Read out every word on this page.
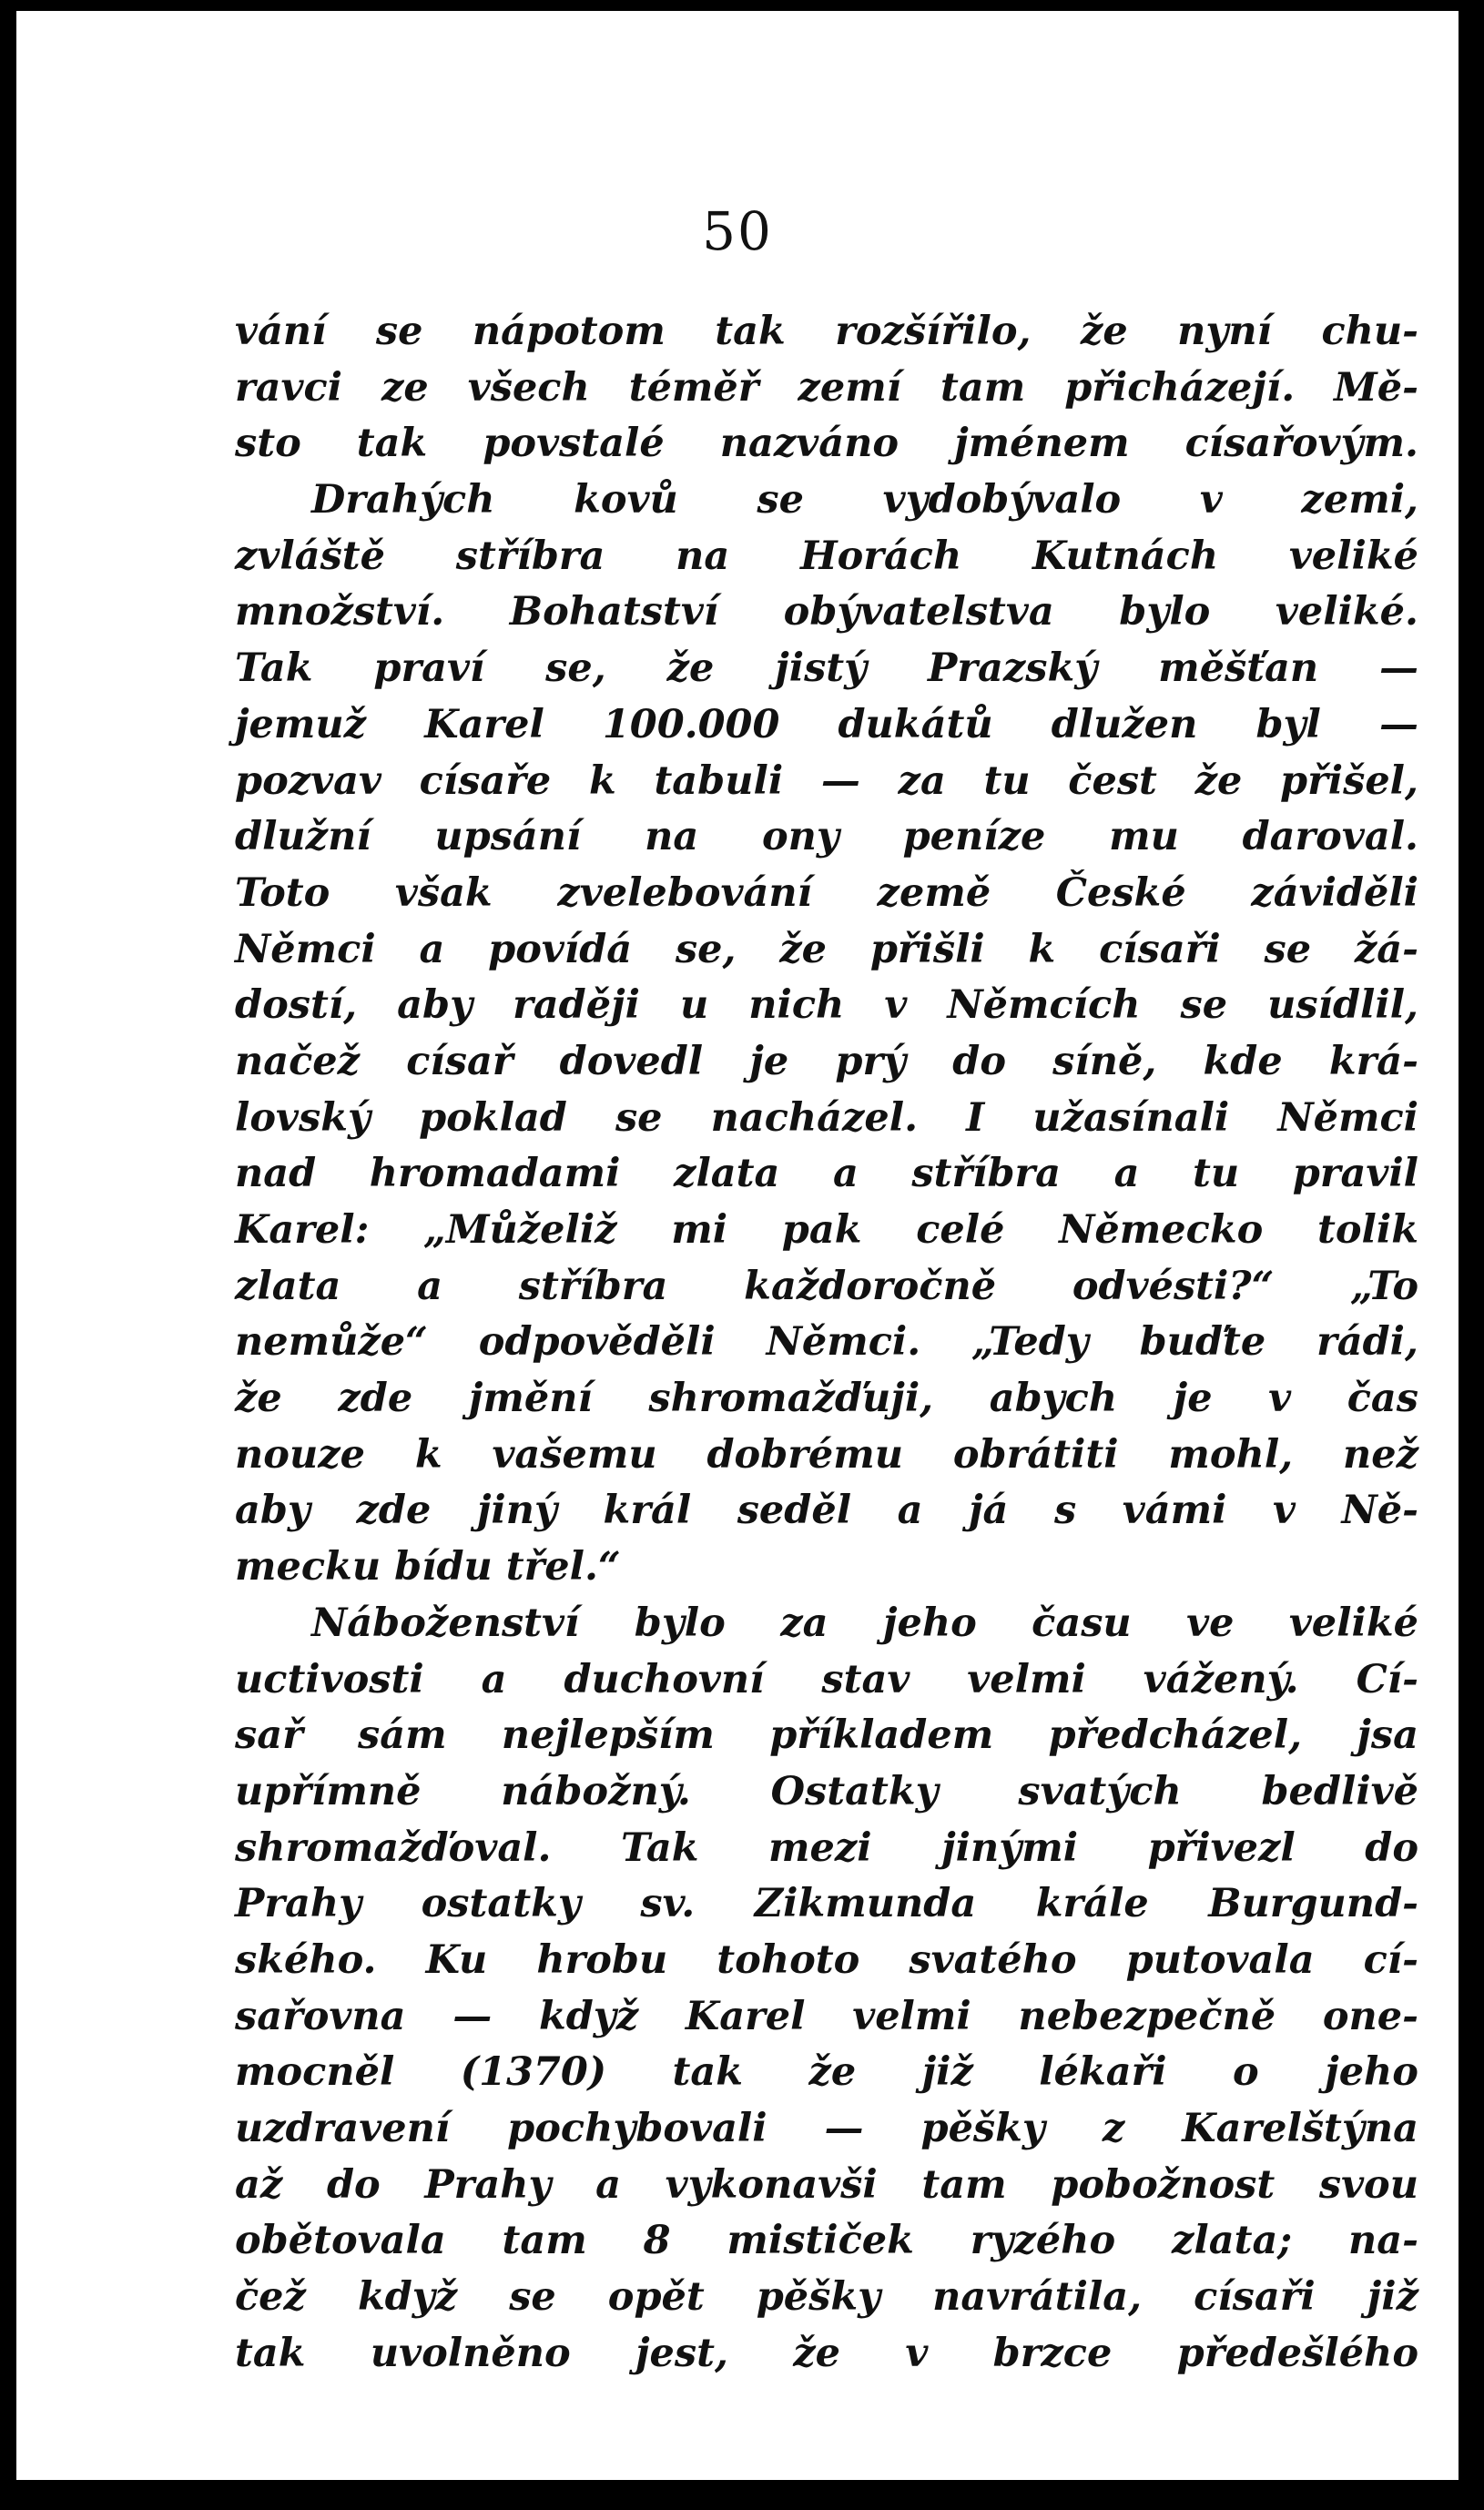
50
vání se nápotom tak rozšířilo, že nyní chu-
ravci ze všech téměř zemí tam přicházejí. Mě-
sto tak povstalé nazváno jménem císařovým.
Drahých kovů se vydobývalo v zemi,
zvláště stříbra na Horách Kutnách veliké
množství. Bohatství obývatelstva bylo veliké.
Tak praví se, že jistý Prazský měšťan —
jemuž Karel 100.000 dukátů dlužen byl —
pozvav císaře k tabuli — za tu čest že přišel,
dlužní upsání na ony peníze mu daroval.
Toto však zvelebování země České záviděli
Němci a povídá se, že přišli k císaři se žá-
dostí, aby raději u nich v Němcích se usídlil,
načež císař dovedl je prý do síně, kde krá-
lovský poklad se nacházel. I užasínali Němci
nad hromadami zlata a stříbra a tu pravil
Karel: „Můželiž mi pak celé Německo tolik
zlata a stříbra každoročně odvésti?“ „To
nemůže“ odpověděli Němci. „Tedy buďte rádi,
že zde jmění shromažďuji, abych je v čas
nouze k vašemu dobrému obrátiti mohl, než
aby zde jiný král seděl a já s vámi v Ně-
mecku bídu třel.“
Náboženství bylo za jeho času ve veliké
uctivosti a duchovní stav velmi vážený. Cí-
sař sám nejlepším příkladem předcházel, jsa
upřímně nábožný. Ostatky svatých bedlivě
shromažďoval. Tak mezi jinými přivezl do
Prahy ostatky sv. Zikmunda krále Burgund-
ského. Ku hrobu tohoto svatého putovala cí-
sařovna — když Karel velmi nebezpečně one-
mocněl (1370) tak že již lékaři o jeho
uzdravení pochybovali — pěšky z Karelštýna
až do Prahy a vykonavši tam pobožnost svou
obětovala tam 8 mističek ryzého zlata; na-
čež když se opět pěšky navrátila, císaři již
tak uvolněno jest, že v brzce předešlého
